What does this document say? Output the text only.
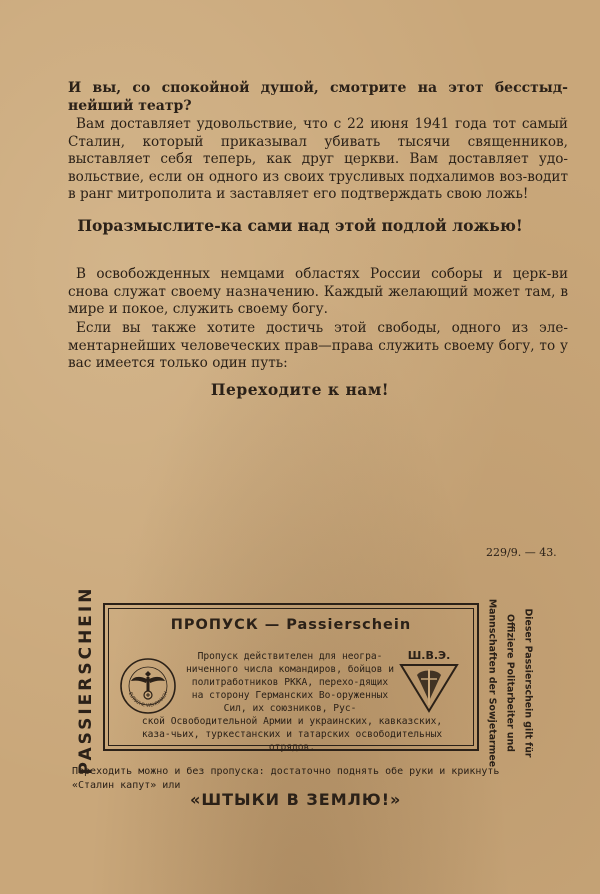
И вы, со спокойной душой, смотрите на этот бесстыд-нейший театр?
Вам доставляет удовольствие, что с 22 июня 1941 года тот самый Сталин, который приказывал убивать тысячи священников, выставляет себя теперь, как друг церкви. Вам доставляет удо-вольствие, если он одного из своих трусливых подхалимов воз-водит в ранг митрополита и заставляет его подтверждать свою ложь!
Поразмыслите-ка сами над этой подлой ложью!
В освобожденных немцами областях России соборы и церк-ви снова служат своему назначению. Каждый желающий может там, в мире и покое, служить своему богу.
Если вы также хотите достичь этой свободы, одного из эле-ментарнейших человеческих прав—права служить своему богу, то у вас имеется только один путь:
Переходите к нам!
229/9. — 43.
PASSIERSCHEIN	ПРОПУСК — Passierschein
EUTSCHE WEHRMACH
Пропуск действителен для неогра-ниченного числа командиров, бойцов и политработников РККА, перехо-дящих на сторону Германских Во-оруженных Сил, их союзников, Рус-
Ш.В.Э.
ской Освободительной Армии и украинских, кавказских, каза-чьих, туркестанских и татарских освободительных отрядов.	Dieser Passierschein gilt für
Offiziere Politarbeiter und
Mannschaften der Sowjetarmee
Переходить можно и без пропуска: достаточно поднять обе руки и крикнуть «Сталин капут» или
«ШТЫКИ В ЗЕМЛЮ!»
